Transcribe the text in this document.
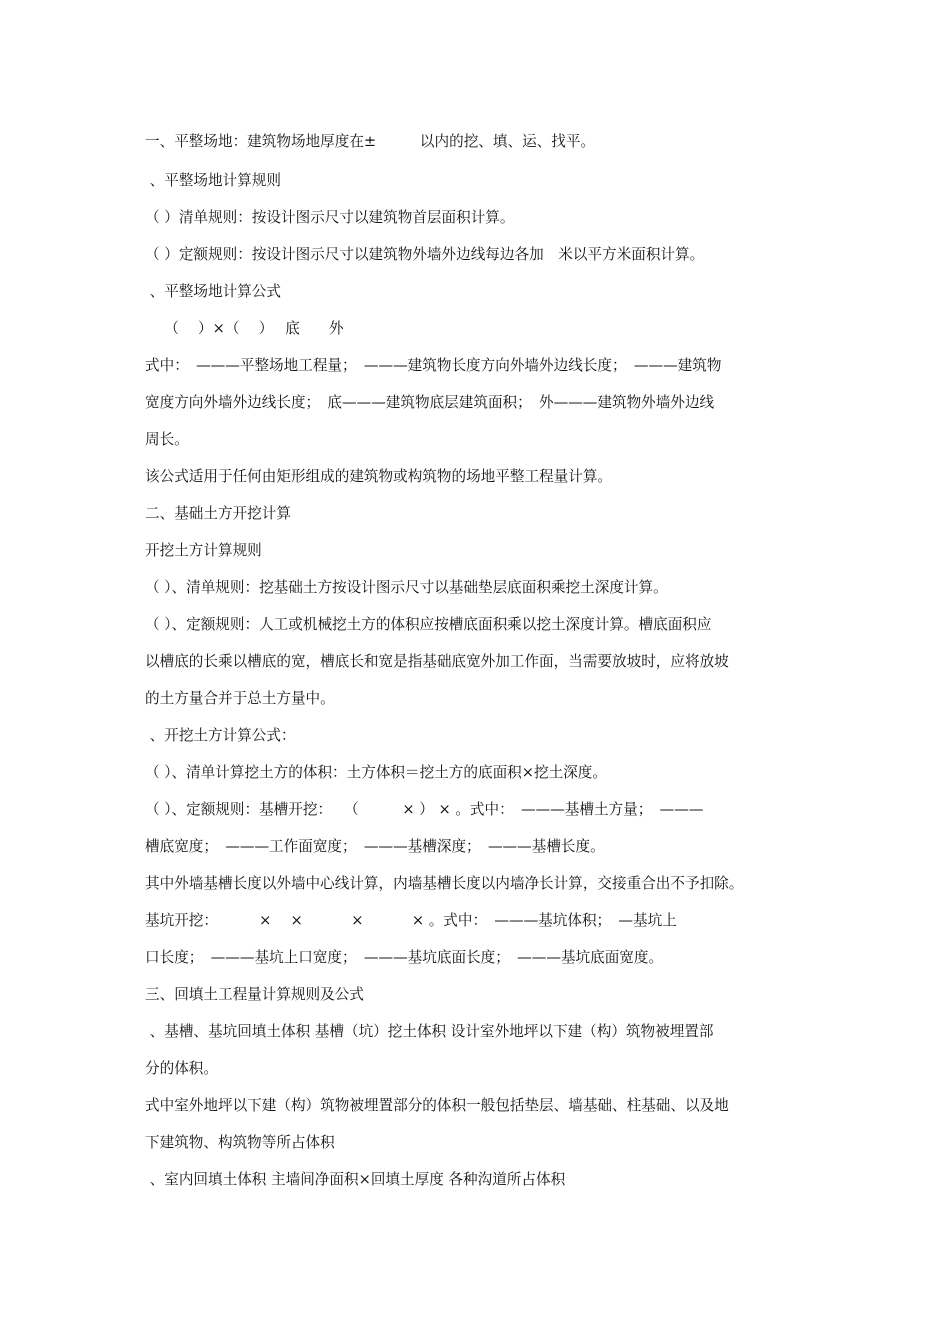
一、平整场地：建筑物场地厚度在±　　　以内的挖、填、运、找平。

、平整场地计算规则

（ ）清单规则：按设计图示尺寸以建筑物首层面积计算。

（ ）定额规则：按设计图示尺寸以建筑物外墙外边线每边各加　米以平方米面积计算。

、平整场地计算公式

　 （　 ）×（　 ）　 底　　外

式中：　———平整场地工程量；　———建筑物长度方向外墙外边线长度；　———建筑物

宽度方向外墙外边线长度；　底———建筑物底层建筑面积；　外———建筑物外墙外边线

周长。

该公式适用于任何由矩形组成的建筑物或构筑物的场地平整工程量计算。

二、基础土方开挖计算

开挖土方计算规则

（ ）、清单规则：挖基础土方按设计图示尺寸以基础垫层底面积乘挖土深度计算。

（ ）、定额规则：人工或机械挖土方的体积应按槽底面积乘以挖土深度计算。槽底面积应

以槽底的长乘以槽底的宽，槽底长和宽是指基础底宽外加工作面，当需要放坡时，应将放坡

的土方量合并于总土方量中。

、开挖土方计算公式：

（ ）、清单计算挖土方的体积：土方体积＝挖土方的底面积×挖土深度。

（ ）、定额规则：基槽开挖：　 （　　　× ） × 。式中：　———基槽土方量；　———

槽底宽度；　———工作面宽度；　———基槽深度；　———基槽长度。

其中外墙基槽长度以外墙中心线计算，内墙基槽长度以内墙净长计算，交接重合出不予扣除。

基坑开挖：　　　 ×　 ×　　　 ×　　　 × 。式中：　———基坑体积；　—基坑上

口长度；　———基坑上口宽度；　———基坑底面长度；　———基坑底面宽度。

三、回填土工程量计算规则及公式

、基槽、基坑回填土体积 基槽（坑）挖土体积 设计室外地坪以下建（构）筑物被埋置部

分的体积。

式中室外地坪以下建（构）筑物被埋置部分的体积一般包括垫层、墙基础、柱基础、以及地

下建筑物、构筑物等所占体积

、室内回填土体积 主墙间净面积×回填土厚度 各种沟道所占体积
